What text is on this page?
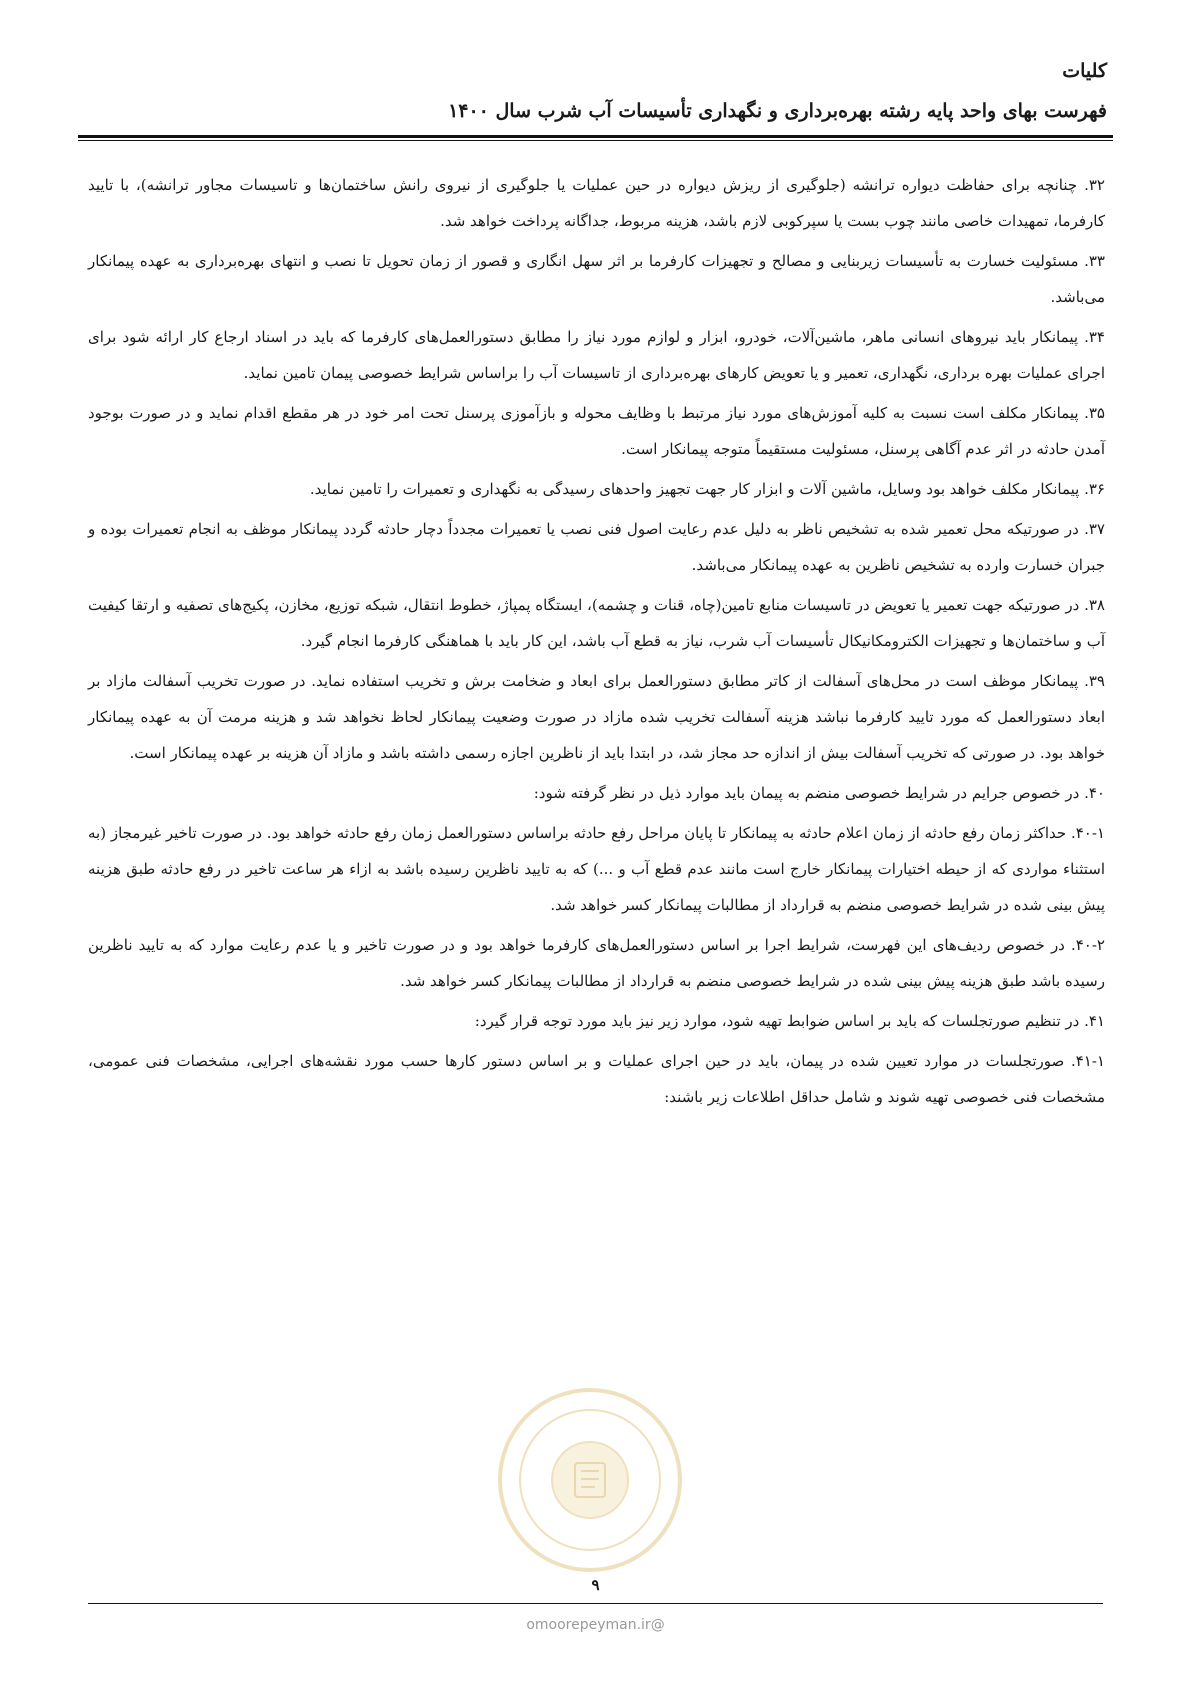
کلیات
فهرست بهای واحد پایه رشته بهره‌برداری و نگهداری تأسیسات آب شرب سال ۱۴۰۰

۳۲. چنانچه برای حفاظت دیواره ترانشه (جلوگیری از ریزش دیواره در حین عملیات یا جلوگیری از نیروی رانش ساختمان‌ها و تاسیسات مجاور ترانشه)، با تایید کارفرما، تمهیدات خاصی مانند چوب بست یا سپرکوبی لازم باشد، هزینه مربوط، جداگانه پرداخت خواهد شد.

۳۳. مسئولیت خسارت به تأسیسات زیربنایی و مصالح و تجهیزات کارفرما بر اثر سهل انگاری و قصور از زمان تحویل تا نصب و انتهای بهره‌برداری به عهده پیمانکار می‌باشد.

۳۴. پیمانکار باید نیروهای انسانی ماهر، ماشین‌آلات، خودرو، ابزار و لوازم مورد نیاز را مطابق دستورالعمل‌های کارفرما که باید در اسناد ارجاع کار ارائه شود برای اجرای عملیات بهره برداری، نگهداری، تعمیر و یا تعویض کارهای بهره‌برداری از تاسیسات آب را براساس شرایط خصوصی پیمان تامین نماید.

۳۵. پیمانکار مکلف است نسبت به کلیه آموزش‌های مورد نیاز مرتبط با وظایف محوله و بازآموزی پرسنل تحت امر خود در هر مقطع اقدام نماید و در صورت بوجود آمدن حادثه در اثر عدم آگاهی پرسنل، مسئولیت مستقیماً متوجه پیمانکار است.

۳۶. پیمانکار مکلف خواهد بود وسایل، ماشین آلات و ابزار کار جهت تجهیز واحدهای رسیدگی به نگهداری و تعمیرات را تامین نماید.

۳۷. در صورتیکه محل تعمیر شده به تشخیص ناظر به دلیل عدم رعایت اصول فنی نصب یا تعمیرات مجدداً دچار حادثه گردد پیمانکار موظف به انجام تعمیرات بوده و جبران خسارت وارده به تشخیص ناظرین به عهده پیمانکار می‌باشد.

۳۸. در صورتیکه جهت تعمیر یا تعویض در تاسیسات منابع تامین(چاه، قنات و چشمه)، ایستگاه پمپاژ، خطوط انتقال، شبکه توزیع، مخازن، پکیج‌های تصفیه و ارتقا کیفیت آب و ساختمان‌ها و تجهیزات الکترومکانیکال تأسیسات آب شرب، نیاز به قطع آب باشد، این کار باید با هماهنگی کارفرما انجام گیرد.

۳۹. پیمانکار موظف است در محل‌های آسفالت از کاتر مطابق دستورالعمل برای ابعاد و ضخامت برش و تخریب استفاده نماید. در صورت تخریب آسفالت مازاد بر ابعاد دستورالعمل که مورد تایید کارفرما نباشد هزینه آسفالت تخریب شده مازاد در صورت وضعیت پیمانکار لحاظ نخواهد شد و هزینه مرمت آن به عهده پیمانکار خواهد بود. در صورتی که تخریب آسفالت بیش از اندازه حد مجاز شد، در ابتدا باید از ناظرین اجازه رسمی داشته باشد و مازاد آن هزینه بر عهده پیمانکار است.

۴۰. در خصوص جرایم در شرایط خصوصی منضم به پیمان باید موارد ذیل در نظر گرفته شود:

۴۰-۱. حداکثر زمان رفع حادثه از زمان اعلام حادثه به پیمانکار تا پایان مراحل رفع حادثه براساس دستورالعمل زمان رفع حادثه خواهد بود. در صورت تاخیر غیرمجاز (به استثناء مواردی که از حیطه اختیارات پیمانکار خارج است مانند عدم قطع آب و ...) که به تایید ناظرین رسیده باشد به ازاء هر ساعت تاخیر در رفع حادثه طبق هزینه پیش بینی شده در شرایط خصوصی منضم به قرارداد از مطالبات پیمانکار کسر خواهد شد.

۴۰-۲. در خصوص ردیف‌های این فهرست، شرایط اجرا بر اساس دستورالعمل‌های کارفرما خواهد بود و در صورت تاخیر و یا عدم رعایت موارد که به تایید ناظرین رسیده باشد طبق هزینه پیش بینی شده در شرایط خصوصی منضم به قرارداد از مطالبات پیمانکار کسر خواهد شد.

۴۱. در تنظیم صورتجلسات که باید بر اساس ضوابط تهیه شود، موارد زیر نیز باید مورد توجه قرار گیرد:

۴۱-۱. صورتجلسات در موارد تعیین شده در پیمان، باید در حین اجرای عملیات و بر اساس دستور کارها حسب مورد نقشه‌های اجرایی، مشخصات فنی عمومی، مشخصات فنی خصوصی تهیه شوند و شامل حداقل اطلاعات زیر باشند:

۹
@omoorepeyman.ir
